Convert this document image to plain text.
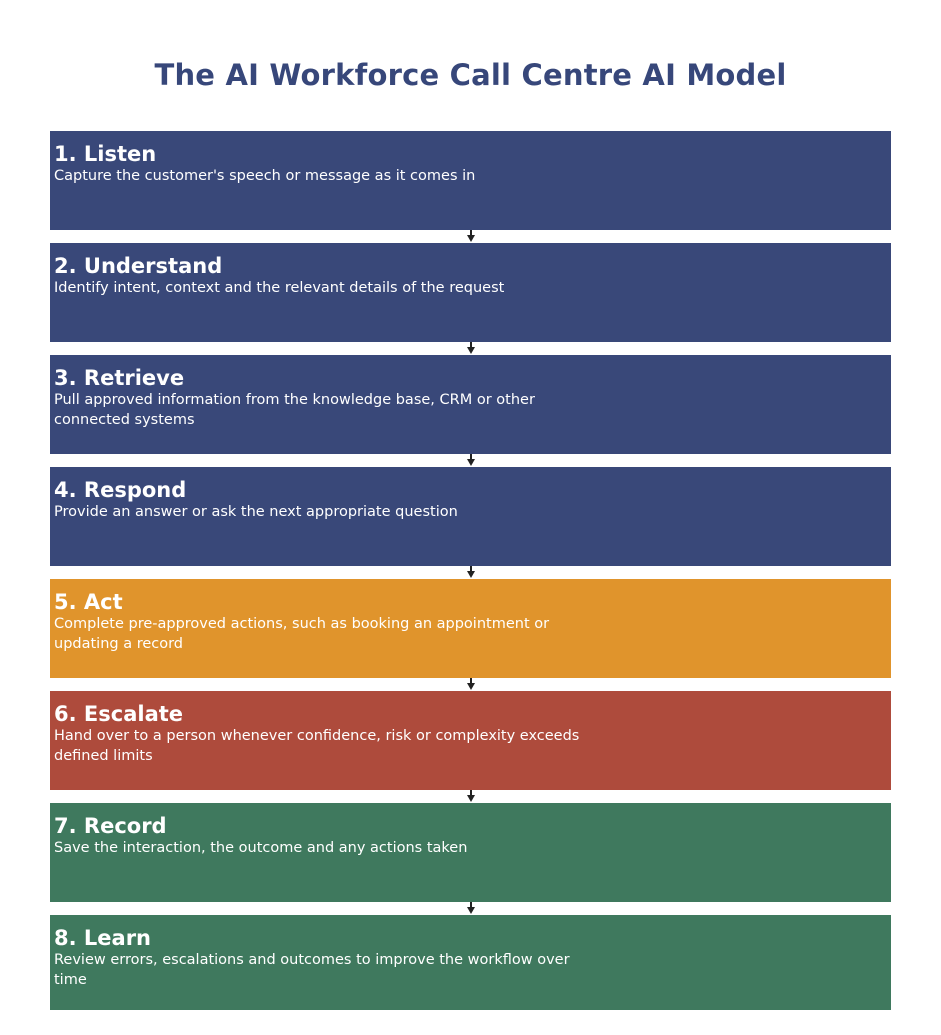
The AI Workforce Call Centre AI Model
1. Listen
Capture the customer's speech or message as it comes in
2. Understand
Identify intent, context and the relevant details of the request
3. Retrieve
Pull approved information from the knowledge base, CRM or other connected systems
4. Respond
Provide an answer or ask the next appropriate question
5. Act
Complete pre-approved actions, such as booking an appointment or updating a record
6. Escalate
Hand over to a person whenever confidence, risk or complexity exceeds defined limits
7. Record
Save the interaction, the outcome and any actions taken
8. Learn
Review errors, escalations and outcomes to improve the workflow over time
